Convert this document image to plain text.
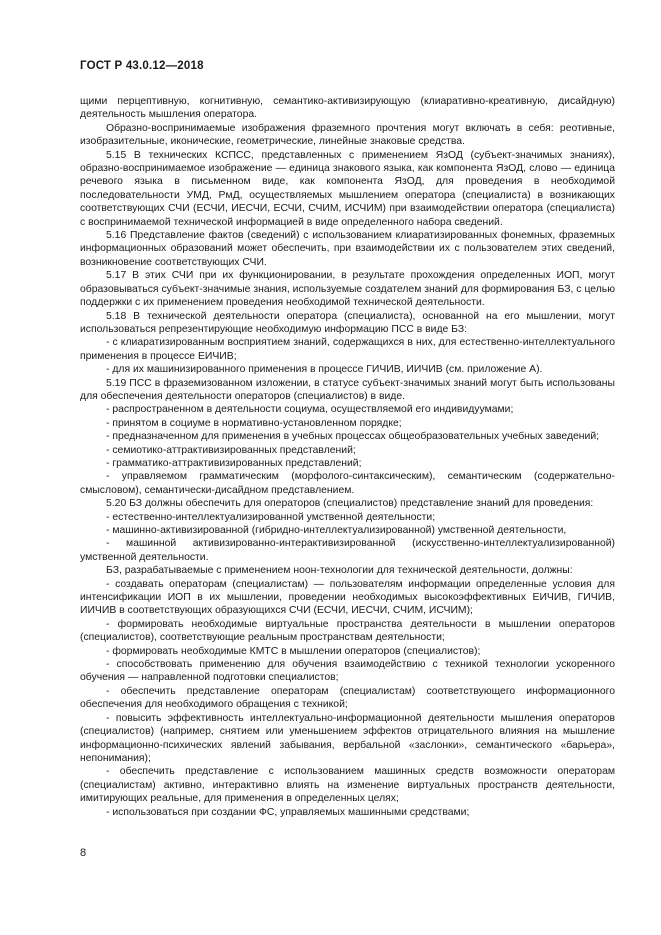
ГОСТ Р 43.0.12—2018

щими перцептивную, когнитивную, семантико-активизирующую (клиаративно-креативную, дисайдную) деятельность мышления оператора.

Образно-воспринимаемые изображения фраземного прочтения могут включать в себя: реотивные, изобразительные, иконические, геометрические, линейные знаковые средства.

5.15 В технических КСПСС, представленных с применением ЯзОД (субъект-значимых знаниях), образно-воспринимаемое изображение — единица знакового языка, как компонента ЯзОД, слово — единица речевого языка в письменном виде, как компонента ЯзОД, для проведения в необходимой последовательности УМД, РмД, осуществляемых мышлением оператора (специалиста) в возникающих соответствующих СЧИ (ЕСЧИ, ИЕСЧИ, ЕСЧИ, СЧИМ, ИСЧИМ) при взаимодействии оператора (специалиста) с воспринимаемой технической информацией в виде определенного набора сведений.

5.16 Представление фактов (сведений) с использованием клиаратизированных фонемных, фраземных информационных образований может обеспечить, при взаимодействии их с пользователем этих сведений, возникновение соответствующих СЧИ.

5.17 В этих СЧИ при их функционировании, в результате прохождения определенных ИОП, могут образовываться субъект-значимые знания, используемые создателем знаний для формирования БЗ, с целью поддержки с их применением проведения необходимой технической деятельности.

5.18 В технической деятельности оператора (специалиста), основанной на его мышлении, могут использоваться репрезентирующие необходимую информацию ПСС в виде БЗ:

- с клиаратизированным восприятием знаний, содержащихся в них, для естественно-интеллектуального применения в процессе ЕИЧИВ;

- для их машинизированного применения в процессе ГИЧИВ, ИИЧИВ (см. приложение А).

5.19 ПСС в фраземизованном изложении, в статусе субъект-значимых знаний могут быть использованы для обеспечения деятельности операторов (специалистов) в виде.

- распространенном в деятельности социума, осуществляемой его индивидуумами;

- принятом в социуме в нормативно-установленном порядке;

- предназначенном для применения в учебных процессах общеобразовательных учебных заведений;

- семиотико-аттрактивизированных представлений;

- грамматико-аттрактивизированных представлений;

- управляемом грамматическим (морфолого-синтаксическим), семантическим (содержательно-смысловом), семантически-дисайдном представлением.

5.20 БЗ должны обеспечить для операторов (специалистов) представление знаний для проведения:

- естественно-интеллектуализированной умственной деятельности;

- машинно-активизированной (гибридно-интеллектуализированной) умственной деятельности,

- машинной активизированно-интерактивизированной (искусственно-интеллектуализированной) умственной деятельности.

БЗ, разрабатываемые с применением ноон-технологии для технической деятельности, должны:

- создавать операторам (специалистам) — пользователям информации определенные условия для интенсификации ИОП в их мышлении, проведении необходимых высокоэффективных ЕИЧИВ, ГИЧИВ, ИИЧИВ в соответствующих образующихся СЧИ (ЕСЧИ, ИЕСЧИ, СЧИМ, ИСЧИМ);

- формировать необходимые виртуальные пространства деятельности в мышлении операторов (специалистов), соответствующие реальным пространствам деятельности;

- формировать необходимые КМТС в мышлении операторов (специалистов);

- способствовать применению для обучения взаимодействию с техникой технологии ускоренного обучения — направленной подготовки специалистов;

- обеспечить представление операторам (специалистам) соответствующего информационного обеспечения для необходимого обращения с техникой;

- повысить эффективность интеллектуально-информационной деятельности мышления операторов (специалистов) (например, снятием или уменьшением эффектов отрицательного влияния на мышление информационно-психических явлений забывания, вербальной «заслонки», семантического «барьера», непонимания);

- обеспечить представление с использованием машинных средств возможности операторам (специалистам) активно, интерактивно влиять на изменение виртуальных пространств деятельности, имитирующих реальные, для применения в определенных целях;

- использоваться при создании ФС, управляемых машинными средствами;

8
